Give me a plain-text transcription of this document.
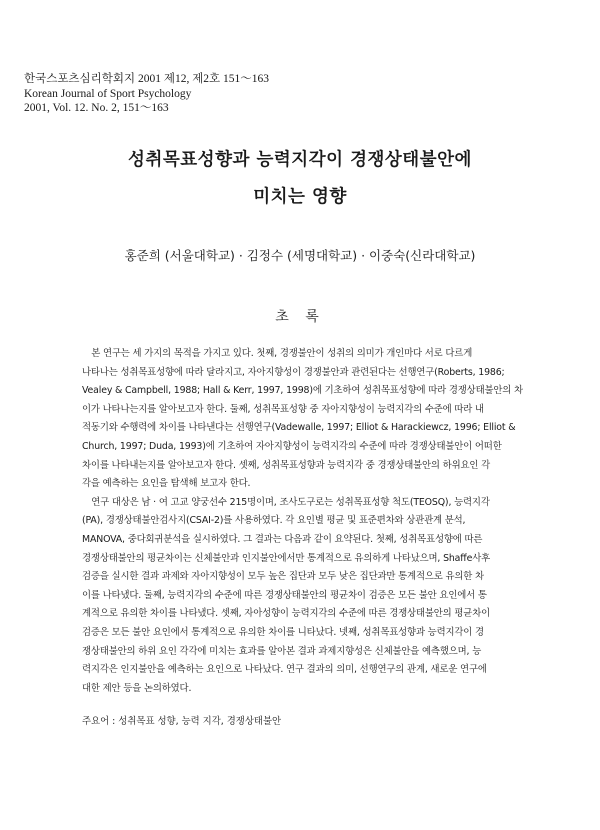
한국스포츠심리학회지 2001 제12, 제2호 151～163
Korean Journal of Sport Psychology
2001, Vol. 12. No. 2, 151～163
성취목표성향과 능력지각이 경쟁상태불안에
미치는 영향
홍준희 (서울대학교) · 김정수 (세명대학교) · 이중숙(신라대학교)
초 록
　본 연구는 세 가지의 목적을 가지고 있다. 첫째, 경쟁불안이 성취의 의미가 개인마다 서로 다르게
나타나는 성취목표성향에 따라 달라지고, 자아지향성이 경쟁불안과 관련된다는 선행연구(Roberts, 1986;
Vealey & Campbell, 1988; Hall & Kerr, 1997, 1998)에 기초하여 성취목표성향에 따라 경쟁상태불안의 차
이가 나타나는지를 알아보고자 한다. 둘째, 성취목표성향 중 자아지향성이 능력지각의 수준에 따라 내
적동기와 수행력에 차이를 나타낸다는 선행연구(Vadewalle, 1997; Elliot & Harackiewcz, 1996; Elliot &
Church, 1997; Duda, 1993)에 기초하여 자아지향성이 능력지각의 수준에 따라 경쟁상태불안이 어떠한
차이를 나타내는지를 알아보고자 한다. 셋째, 성취목표성향과 능력지각 중 경쟁상태불안의 하위요인 각
각을 예측하는 요인을 탐색해 보고자 한다.
　연구 대상은 남 · 여 고교 양궁선수 215명이며, 조사도구로는 성취목표성향 척도(TEOSQ), 능력지각
(PA), 경쟁상태불안검사지(CSAI-2)를 사용하였다. 각 요인별 평균 및 표준편차와 상관관계 분석,
MANOVA, 중다회귀분석을 실시하였다. 그 결과는 다음과 같이 요약된다. 첫째, 성취목표성향에 따른
경쟁상태불안의 평균차이는 신체불안과 인지불안에서만 통계적으로 유의하게 나타났으며, Shaffe사후
검증을 실시한 결과 과제와 자아지향성이 모두 높은 집단과 모두 낮은 집단과만 통계적으로 유의한 차
이를 나타냈다. 둘째, 능력지각의 수준에 따른 경쟁상태불안의 평균차이 검증은 모든 불안 요인에서 통
계적으로 유의한 차이를 나타냈다. 셋째, 자아성향이 능력지각의 수준에 따른 경쟁상태불안의 평균차이
검증은 모든 불안 요인에서 통계적으로 유의한 차이를 니타났다. 넷째, 성취목표성향과 능력지각이 경
쟁상태불안의 하위 요인 각각에 미치는 효과를 알아본 결과 과제지향성은 신체불안을 예측했으며, 능
력지각은 인지불안을 예측하는 요인으로 나타났다. 연구 결과의 의미, 선행연구의 관계, 새로운 연구에
대한 제안 등을 논의하였다.
주요어 : 성취목표 성향, 능력 지각, 경쟁상태불안
